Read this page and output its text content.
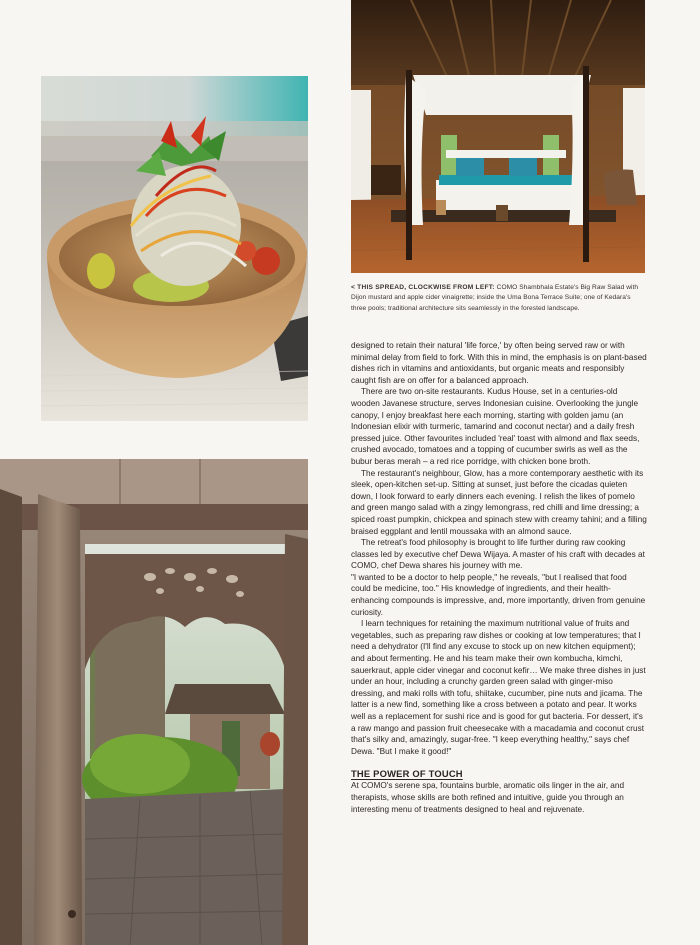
< THIS SPREAD, CLOCKWISE FROM LEFT: COMO Shambhala Estate's Big Raw Salad with Dijon mustard and apple cider vinaigrette; inside the Uma Bona Terrace Suite; one of Kedara's three pools; traditional architecture sits seamlessly in the forested landscape.

designed to retain their natural 'life force,' by often being served raw or with minimal delay from field to fork. With this in mind, the emphasis is on plant-based dishes rich in vitamins and antioxidants, but organic meats and responsibly caught fish are on offer for a balanced approach.

There are two on-site restaurants. Kudus House, set in a centuries-old wooden Javanese structure, serves Indonesian cuisine. Overlooking the jungle canopy, I enjoy breakfast here each morning, starting with golden jamu (an Indonesian elixir with turmeric, tamarind and coconut nectar) and a daily fresh pressed juice. Other favourites included 'real' toast with almond and flax seeds, crushed avocado, tomatoes and a topping of cucumber swirls as well as the bubur beras merah – a red rice porridge, with chicken bone broth.

The restaurant's neighbour, Glow, has a more contemporary aesthetic with its sleek, open-kitchen set-up. Sitting at sunset, just before the cicadas quieten down, I look forward to early dinners each evening. I relish the likes of pomelo and green mango salad with a zingy lemongrass, red chilli and lime dressing; a spiced roast pumpkin, chickpea and spinach stew with creamy tahini; and a filling braised eggplant and lentil moussaka with an almond sauce.

The retreat's food philosophy is brought to life further during raw cooking classes led by executive chef Dewa Wijaya. A master of his craft with decades at COMO, chef Dewa shares his journey with me.

"I wanted to be a doctor to help people," he reveals, "but I realised that food could be medicine, too." His knowledge of ingredients, and their health-enhancing compounds is impressive, and, more importantly, driven from genuine curiosity.

I learn techniques for retaining the maximum nutritional value of fruits and vegetables, such as preparing raw dishes or cooking at low temperatures; that I need a dehydrator (I'll find any excuse to stock up on new kitchen equipment); and about fermenting. He and his team make their own kombucha, kimchi, sauerkraut, apple cider vinegar and coconut kefir… We make three dishes in just under an hour, including a crunchy garden green salad with ginger-miso dressing, and maki rolls with tofu, shiitake, cucumber, pine nuts and jicama. The latter is a new find, something like a cross between a potato and pear. It works well as a replacement for sushi rice and is good for gut bacteria. For dessert, it's a raw mango and passion fruit cheesecake with a macadamia and coconut crust that's silky and, amazingly, sugar-free. "I keep everything healthy," says chef Dewa. "But I make it good!"

THE POWER OF TOUCH

At COMO's serene spa, fountains burble, aromatic oils linger in the air, and therapists, whose skills are both refined and intuitive, guide you through an interesting menu of treatments designed to heal and rejuvenate.
